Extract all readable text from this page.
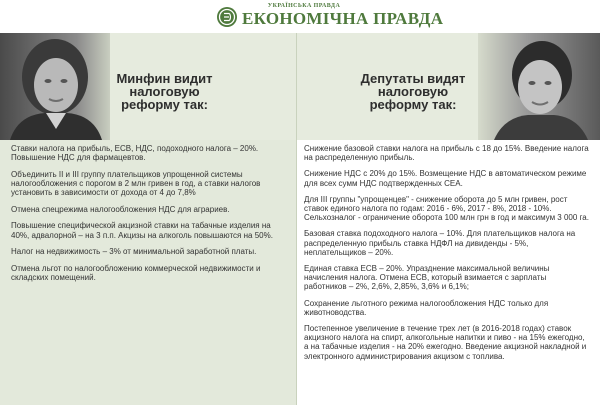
УКРАЇНСЬКА ПРАВДА
ЕКОНОМІЧНА ПРАВДА
Минфин видит налоговую реформу так:
Депутаты видят налоговую реформу так:

Ставки налога на прибыль, ЕСВ, НДС, подоходного налога – 20%. Повышение НДС для фармацевтов.

Объединить II и III группу плательщиков упрощенной системы налогообложения с порогом в 2 млн гривен в год, а ставки налогов установить в зависимости от дохода от 4 до 7,8%

Отмена спецрежима налогообложения НДС для аграриев.

Повышение специфической акцизной ставки на табачные изделия на 40%, адвалорной – на 3 п.п. Акцизы на алкоголь повышаются на 50%.

Налог на недвижимость – 3% от минимальной заработной платы.

Отмена льгот по налогообложению коммерческой недвижимости и складских помещений.

Снижение базовой ставки налога на прибыль с 18 до 15%. Введение налога на распределенную прибыль.

Снижение НДС с 20% до 15%. Возмещение НДС в автоматическом режиме для всех сумм НДС подтвержденных СЕА.

Для III группы "упрощенцев" - снижение оборота до 5 млн гривен, рост ставок единого налога по годам: 2016 - 6%, 2017 - 8%, 2018 - 10%. Сельхозналог - ограничение оборота 100 млн грн в год и максимум 3 000 га.

Базовая ставка подоходного налога – 10%. Для плательщиков налога на распределенную прибыль ставка НДФЛ на дивиденды - 5%, неплательщиков – 20%.

Единая ставка ЕСВ – 20%. Упразднение максимальной величины начисления налога. Отмена ЕСВ, который взимается с зарплаты работников – 2%, 2,6%, 2,85%, 3,6% и 6,1%;

Сохранение льготного режима налогообложения НДС только для животноводства.

Постепенное увеличение в течение трех лет (в 2016-2018 годах) ставок акцизного налога на спирт, алкогольные напитки и пиво - на 15% ежегодно, а на табачные изделия - на 20% ежегодно. Введение акцизной накладной и электронного администрирования акцизом с топлива.
